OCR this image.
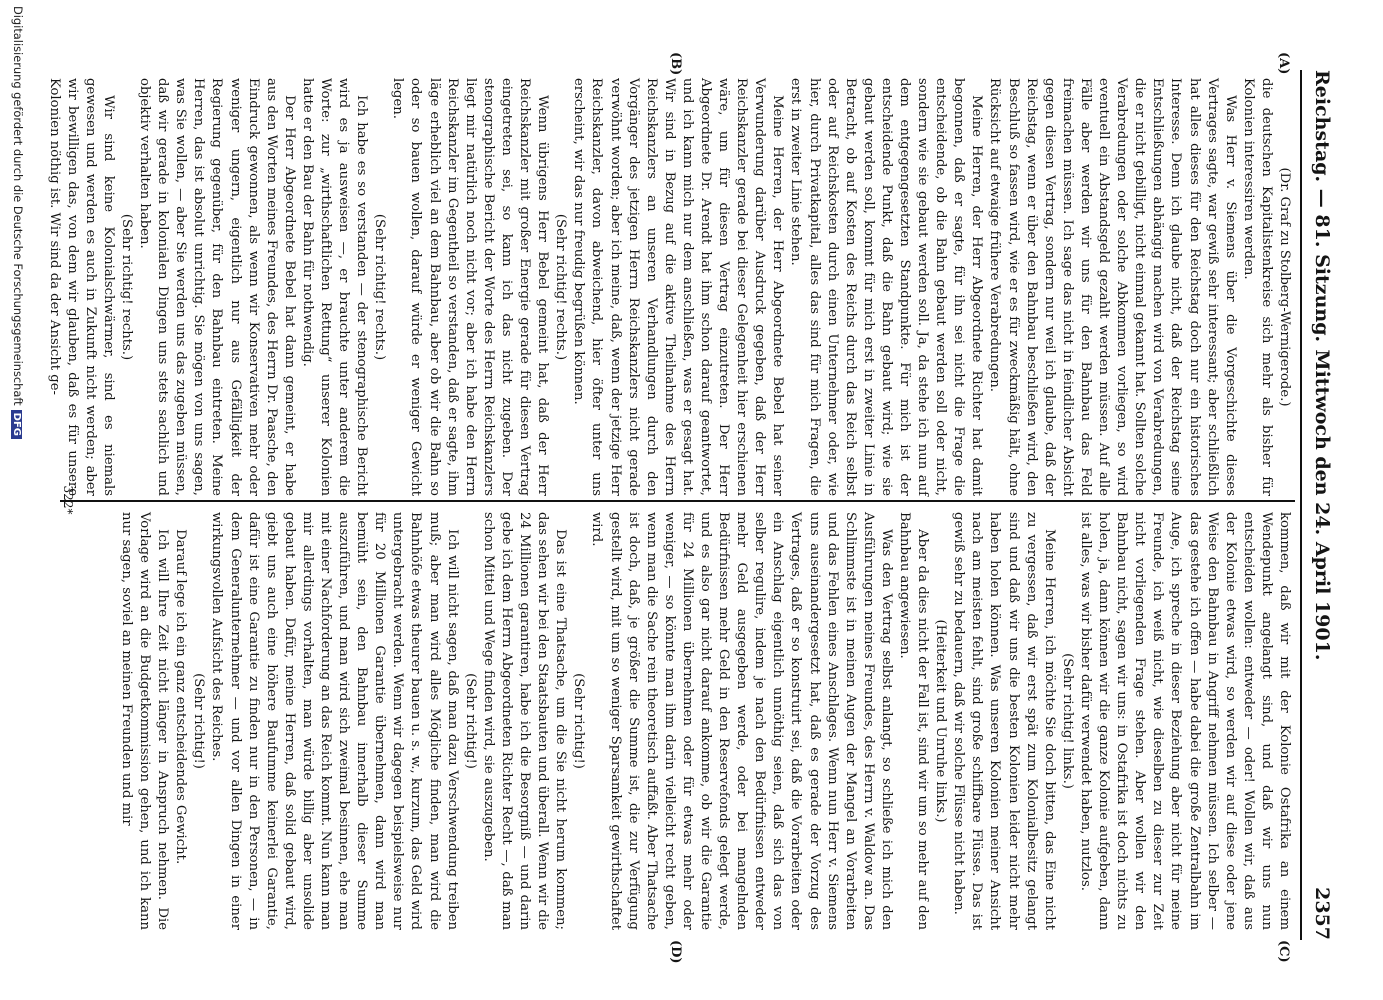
Reichstag. — 81. Sitzung.
Mittwoch den 24. April 1901.
2357
(A)
(B)
(C)
(D)

(Dr. Graf zu Stolberg-Wernigerode.)

die deutschen Kapitalistenkreise sich mehr als bisher für Kolonien interessiren werden.

Was Herr v. Siemens über die Vorgeschichte dieses Vertrages sagte, war gewiß sehr interessant; aber schließlich hat alles dieses für den Reichstag doch nur ein historisches Interesse. Denn ich glaube nicht, daß der Reichstag seine Entschließungen abhängig machen wird von Verabredungen, die er nicht gebilligt, nicht einmal gekannt hat. Sollten solche Verabredungen oder solche Abkommen vorliegen, so wird eventuell ein Abstandsgeld gezahlt werden müssen. Auf alle Fälle aber werden wir uns für den Bahnbau das Feld freimachen müssen. Ich sage das nicht in feindlicher Absicht gegen diesen Vertrag, sondern nur weil ich glaube, daß der Reichstag, wenn er über den Bahnbau beschließen wird, den Beschluß so fassen wird, wie er es für zweckmäßig hält, ohne Rücksicht auf etwaige frühere Verabredungen.

Meine Herren, der Herr Abgeordnete Richter hat damit begonnen, daß er sagte, für ihn sei nicht die Frage die entscheidende, ob die Bahn gebaut werden soll oder nicht, sondern wie sie gebaut werden soll. Ja, da stehe ich nun auf dem entgegengesetzten Standpunkte. Für mich ist der entscheidende Punkt, daß die Bahn gebaut wird; wie sie gebaut werden soll, kommt für mich erst in zweiter Linie in Betracht, ob auf Kosten des Reichs durch das Reich selbst oder auf Reichskosten durch einen Unternehmer oder, wie hier, durch Privatkapital, alles das sind für mich Fragen, die erst in zweiter Linie stehen.

Meine Herren, der Herr Abgeordnete Bebel hat seiner Verwunderung darüber Ausdruck gegeben, daß der Herr Reichskanzler gerade bei dieser Gelegenheit hier erschienen wäre, um für diesen Vertrag einzutreten. Der Herr Abgeordnete Dr. Arendt hat ihm schon darauf geantwortet, und ich kann mich nur dem anschließen, was er gesagt hat. Wir sind in Bezug auf die aktive Theilnahme des Herrn Reichskanzlers an unseren Verhandlungen durch den Vorgänger des jetzigen Herrn Reichskanzlers nicht gerade verwöhnt worden; aber ich meine, daß, wenn der jetzige Herr Reichskanzler, davon abweichend, hier öfter unter uns erscheint, wir das nur freudig begrüßen können.

(Sehr richtig! rechts.)

Wenn übrigens Herr Bebel gemeint hat, daß der Herr Reichskanzler mit großer Energie gerade für diesen Vertrag eingetreten sei, so kann ich das nicht zugeben. Der stenographische Bericht der Worte des Herrn Reichskanzlers liegt mir natürlich noch nicht vor; aber ich habe den Herrn Reichskanzler im Gegentheil so verstanden, daß er sagte, ihm läge erheblich viel an dem Bahnbau, aber ob wir die Bahn so oder so bauen wollen, darauf würde er weniger Gewicht legen.

(Sehr richtig! rechts.)

Ich habe es so verstanden — der stenographische Bericht wird es ja ausweisen —, er brauchte unter anderem die Worte: zur „wirthschaftlichen Rettung“ unserer Kolonien hatte er den Bau der Bahn für nothwendig.

Der Herr Abgeordnete Bebel hat dann gemeint, er habe aus den Worten meines Freundes, des Herrn Dr. Paasche, den Eindruck gewonnen, als wenn wir Konservativen mehr oder weniger ungern, eigentlich nur aus Gefälligkeit der Regierung gegenüber, für den Bahnbau eintreten. Meine Herren, das ist absolut unrichtig. Sie mögen von uns sagen, was Sie wollen, — aber Sie werden uns das zugeben müssen, daß wir gerade in kolonialen Dingen uns stets sachlich und objektiv verhalten haben.

(Sehr richtig! rechts.)

Wir sind keine Kolonialschwärmer, sind es niemals gewesen und werden es auch in Zukunft nicht werden; aber wir bewilligen das, von dem wir glauben, daß es für unsere Kolonien nöthig ist. Wir sind da der Ansicht ge-

kommen, daß wir mit der Kolonie Ostafrika an einem Wendepunkt angelangt sind, und daß wir uns nun entscheiden wollen: entweder — oder! Wollen wir, daß aus der Kolonie etwas wird, so werden wir auf diese oder jene Weise den Bahnbau in Angriff nehmen müssen. Ich selber — das gestehe ich offen — habe dabei die große Zentralbahn im Auge, ich spreche in dieser Beziehung aber nicht für meine Freunde, ich weiß nicht, wie dieselben zu dieser zur Zeit nicht vorliegenden Frage stehen. Aber wollen wir den Bahnbau nicht, sagen wir uns: in Ostafrika ist doch nichts zu holen, ja, dann können wir die ganze Kolonie aufgeben, dann ist alles, was wir bisher dafür verwendet haben, nutzlos.

(Sehr richtig! links.)

Meine Herren, ich möchte Sie doch bitten, das Eine nicht zu vergessen, daß wir erst spät zum Kolonialbesitz gelangt sind und daß wir uns die besten Kolonien leider nicht mehr haben holen können. Was unseren Kolonien meiner Ansicht nach am meisten fehlt, sind große schiffbare Flüsse. Das ist gewiß sehr zu bedauern, daß wir solche Flüsse nicht haben.

(Heiterkeit und Unruhe links.)

Aber da dies nicht der Fall ist, sind wir um so mehr auf den Bahnbau angewiesen.

Was den Vertrag selbst anlangt, so schließe ich mich den Ausführungen meines Freundes, des Herrn v. Waldow an. Das Schlimmste ist in meinen Augen der Mangel an Vorarbeiten und das Fehlen eines Anschlages. Wenn nun Herr v. Siemens uns auseinandergesetzt hat, daß es gerade der Vorzug des Vertrages, daß er so konstruirt sei, daß die Vorarbeiten oder ein Anschlag eigentlich unnöthig seien, daß sich das von selber regulire, indem je nach den Bedürfnissen entweder mehr Geld ausgegeben werde, oder bei mangelnden Bedürfnissen mehr Geld in den Reservefonds gelegt werde, und es also gar nicht darauf ankomme, ob wir die Garantie für 24 Millionen übernehmen oder für etwas mehr oder weniger, — so könnte man ihm darin vielleicht recht geben, wenn man die Sache rein theoretisch auffaßt. Aber Thatsache ist doch, daß, je größer die Summe ist, die zur Verfügung gestellt wird, mit um so weniger Sparsamkeit gewirthschaftet wird.

(Sehr richtig!)

Das ist eine Thatsache, um die Sie nicht herum kommen; das sehen wir bei den Staatsbauten und überall. Wenn wir die 24 Millionen garantiren, habe ich die Besorgniß — und darin gebe ich dem Herrn Abgeordneten Richter Recht —, daß man schon Mittel und Wege finden wird, sie auszugeben.

(Sehr richtig!)

Ich will nicht sagen, daß man dazu Verschwendung treiben muß; aber man wird alles Mögliche finden, man wird die Bahnhöfe etwas theurer bauen u. s. w., kurzum, das Geld wird untergebracht werden. Wenn wir dagegen beispielsweise nur für 20 Millionen Garantie übernehmen, dann wird man bemüht sein, den Bahnbau innerhalb dieser Summe auszuführen, und man wird sich zweimal besinnen, ehe man mit einer Nachforderung an das Reich kommt. Nun kann man mir allerdings vorhalten, man würde billig aber unsolide gebaut haben. Dafür, meine Herren, daß solid gebaut wird, giebt uns auch eine höhere Baufumme keinerlei Garantie, dafür ist eine Garantie zu finden nur in den Personen, — in dem Generalunternehmer — und vor allen Dingen in einer wirkungsvollen Aufsicht des Reiches.

(Sehr richtig!)

Darauf lege ich ein ganz entscheidendes Gewicht.

Ich will Ihre Zeit nicht länger in Anspruch nehmen. Die Vorlage wird an die Budgetkommission gehen, und ich kann nur sagen, soviel an meinen Freunden und mir

322*
Digitalisierung gefördert durch die Deutsche ForschungsgemeinschaftDFG
